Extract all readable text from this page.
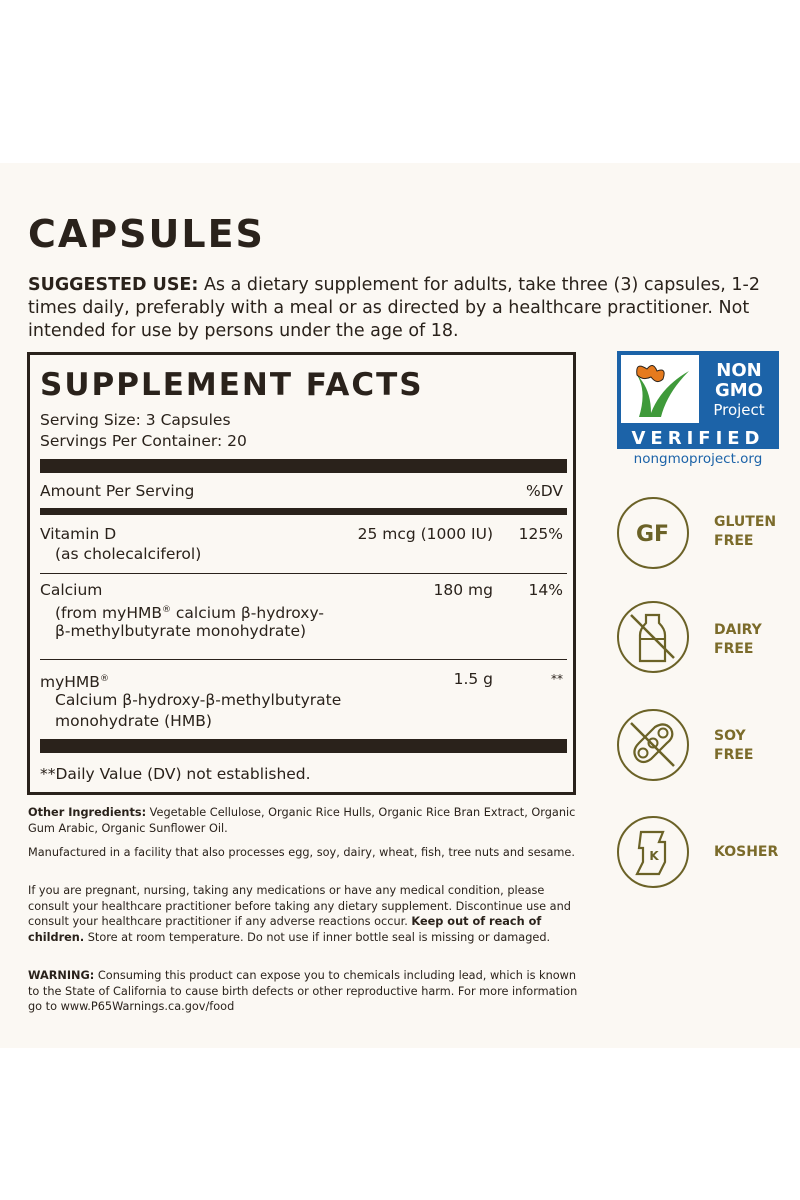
CAPSULES
SUGGESTED USE: As a dietary supplement for adults, take three (3) capsules, 1-2 times daily, preferably with a meal or as directed by a healthcare practitioner. Not intended for use by persons under the age of 18.
SUPPLEMENT FACTS
Serving Size: 3 Capsules
Servings Per Container: 20
Amount Per Serving	%DV
Vitamin D
(as cholecalciferol)
25 mcg (1000 IU) 125%
Calcium
(from myHMB® calcium β-hydroxy-
β-methylbutyrate monohydrate)
180 mg 14%
myHMB®
Calcium β-hydroxy-β-methylbutyrate
monohydrate (HMB)
1.5 g	**
**Daily Value (DV) not established.
Other Ingredients: Vegetable Cellulose, Organic Rice Hulls, Organic Rice Bran Extract, Organic Gum Arabic, Organic Sunflower Oil.
Manufactured in a facility that also processes egg, soy, dairy, wheat, fish, tree nuts and sesame.
If you are pregnant, nursing, taking any medications or have any medical condition, please consult your healthcare practitioner before taking any dietary supplement. Discontinue use and consult your healthcare practitioner if any adverse reactions occur. Keep out of reach of children. Store at room temperature. Do not use if inner bottle seal is missing or damaged.
WARNING: Consuming this product can expose you to chemicals including lead, which is known to the State of California to cause birth defects or other reproductive harm. For more information go to www.P65Warnings.ca.gov/food
NON
GMO
Project
VERIFIED
nongmoproject.org
GF	GLUTEN
FREE
DAIRY
FREE
SOY
FREE
K	KOSHER
